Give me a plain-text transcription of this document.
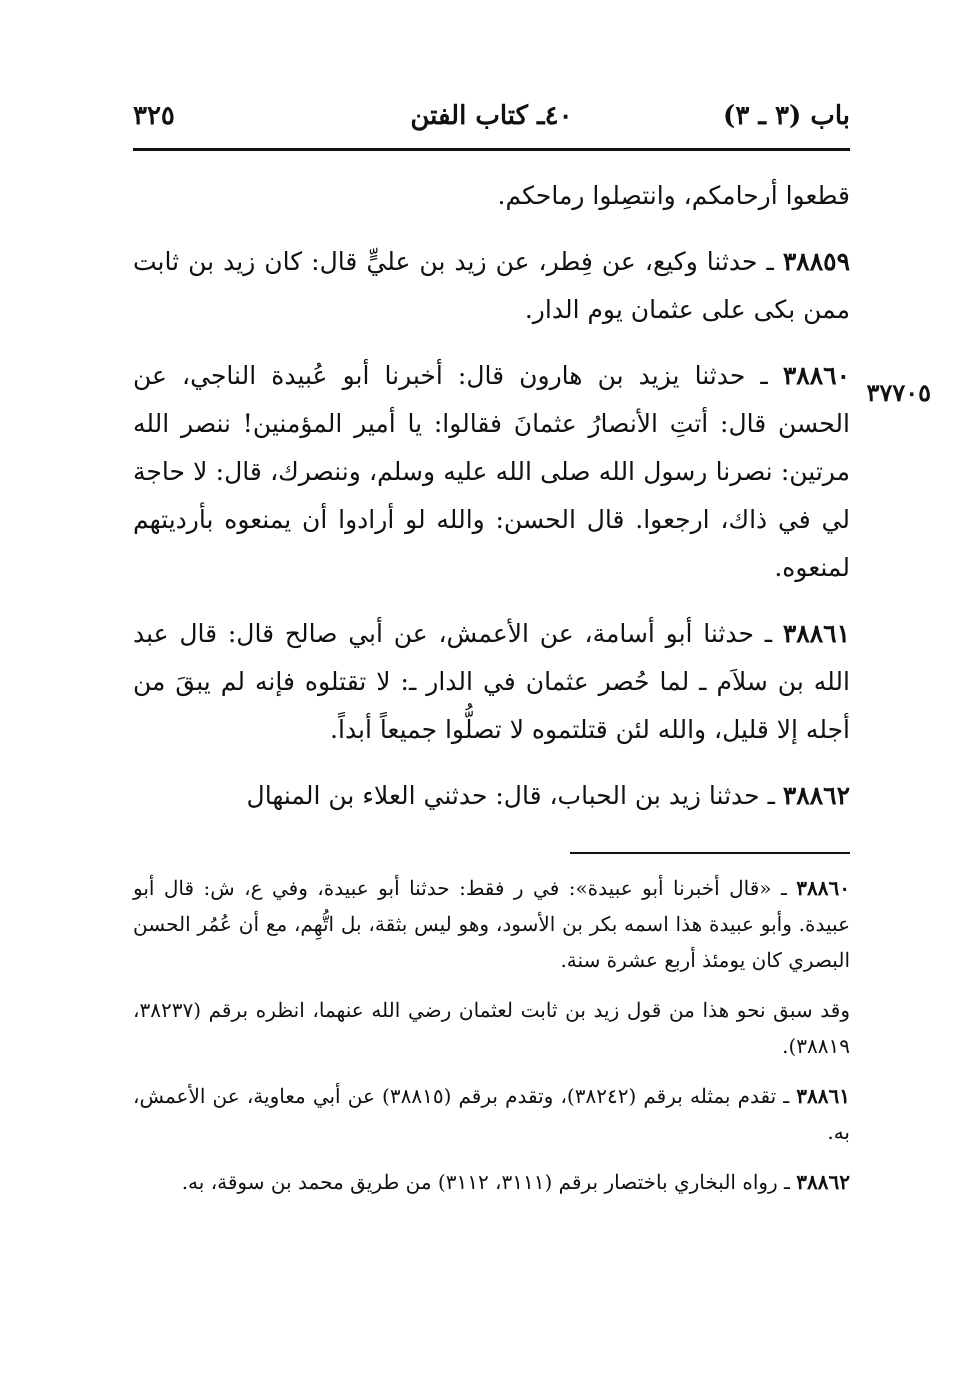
باب (٣ ـ ٣)
٤٠ـ كتاب الفتن
٣٢٥
٣٧٧٠٥

قطعوا أرحامكم، وانتصِلوا رماحكم.

٣٨٨٥٩ ـ حدثنا وكيع، عن فِطر، عن زيد بن عليٍّ قال: كان زيد بن ثابت ممن بكى على عثمان يوم الدار.

٣٨٨٦٠ ـ حدثنا يزيد بن هارون قال: أخبرنا أبو عُبيدة الناجي، عن الحسن قال: أتتِ الأنصارُ عثمانَ فقالوا: يا أمير المؤمنين! ننصر الله مرتين: نصرنا رسول الله صلى الله عليه وسلم، وننصرك، قال: لا حاجة لي في ذاك، ارجعوا. قال الحسن: والله لو أرادوا أن يمنعوه بأرديتهم لمنعوه.

٣٨٨٦١ ـ حدثنا أبو أسامة، عن الأعمش، عن أبي صالح قال: قال عبد الله بن سلاَم ـ لما حُصر عثمان في الدار ـ: لا تقتلوه فإنه لم يبقَ من أجله إلا قليل، والله لئن قتلتموه لا تصلُّوا جميعاً أبداً.

٣٨٨٦٢ ـ حدثنا زيد بن الحباب، قال: حدثني العلاء بن المنهال

٣٨٨٦٠ ـ «قال أخبرنا أبو عبيدة»: في ر فقط: حدثنا أبو عبيدة، وفي ع، ش: قال أبو عبيدة. وأبو عبيدة هذا اسمه بكر بن الأسود، وهو ليس بثقة، بل اتُّهِم، مع أن عُمُر الحسن البصري كان يومئذ أربع عشرة سنة.

وقد سبق نحو هذا من قول زيد بن ثابت لعثمان رضي الله عنهما، انظره برقم (٣٨٢٣٧، ٣٨٨١٩).

٣٨٨٦١ ـ تقدم بمثله برقم (٣٨٢٤٢)، وتقدم برقم (٣٨٨١٥) عن أبي معاوية، عن الأعمش، به.

٣٨٨٦٢ ـ رواه البخاري باختصار برقم (٣١١١، ٣١١٢) من طريق محمد بن سوقة، به.
